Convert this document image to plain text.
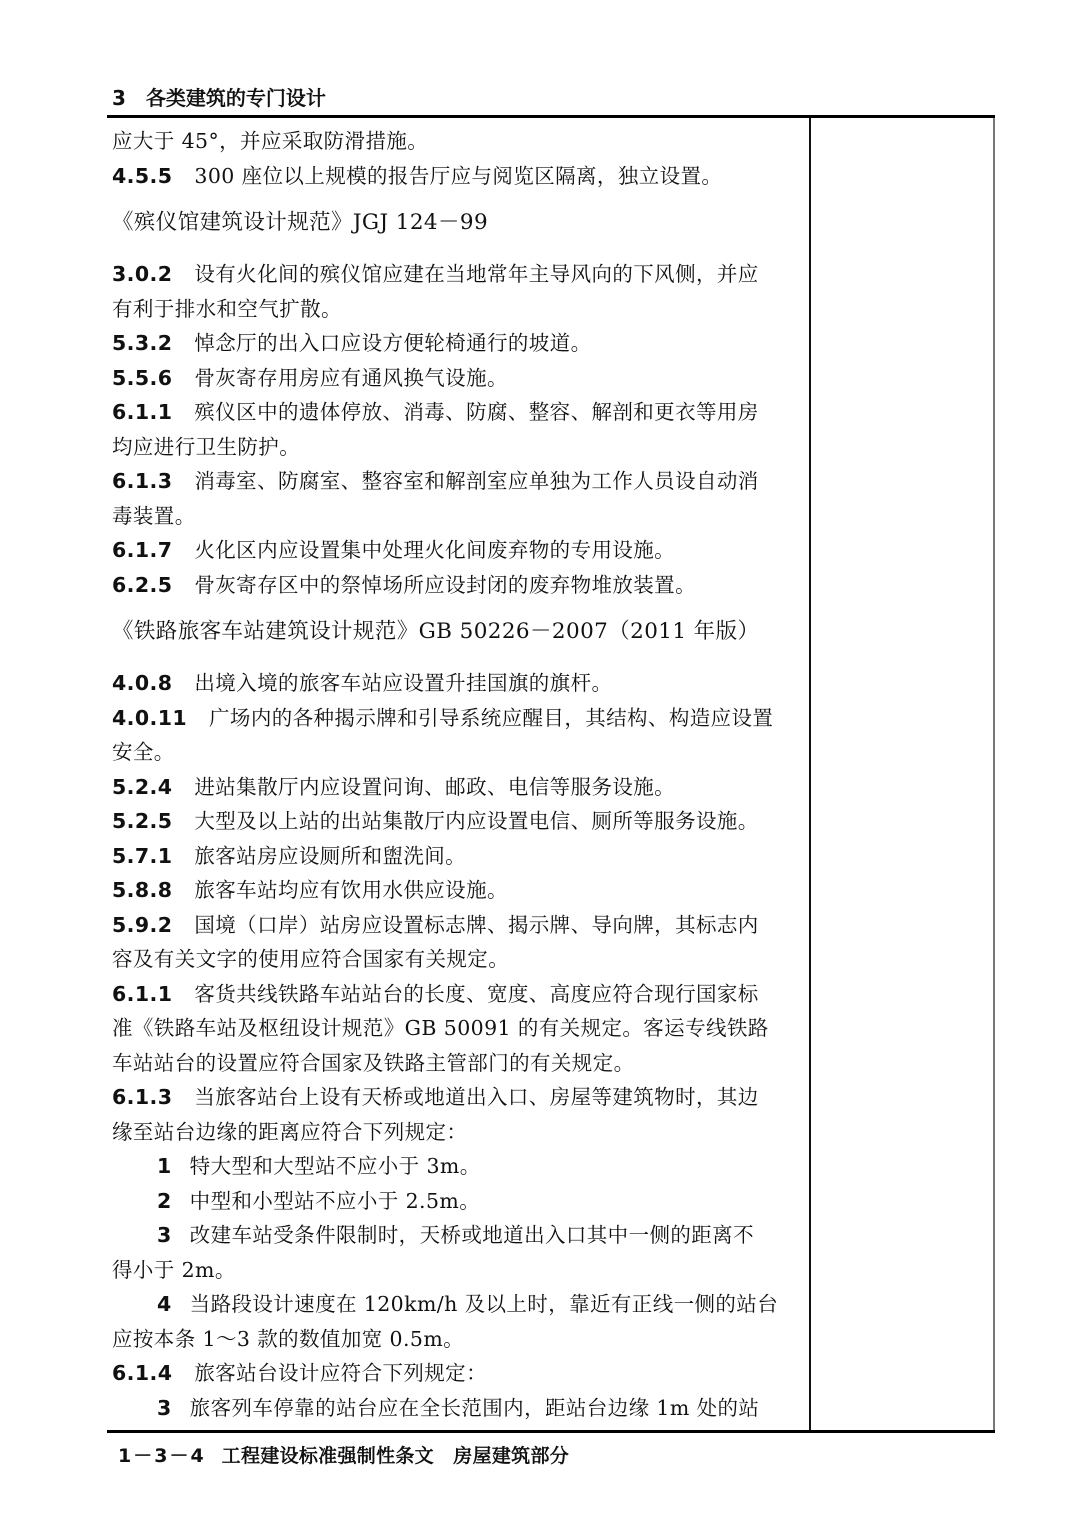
3 各类建筑的专门设计
应大于 45°，并应采取防滑措施。
4.5.5 300 座位以上规模的报告厅应与阅览区隔离，独立设置。
《殡仪馆建筑设计规范》JGJ 124－99
3.0.2 设有火化间的殡仪馆应建在当地常年主导风向的下风侧，并应
有利于排水和空气扩散。
5.3.2 悼念厅的出入口应设方便轮椅通行的坡道。
5.5.6 骨灰寄存用房应有通风换气设施。
6.1.1 殡仪区中的遗体停放、消毒、防腐、整容、解剖和更衣等用房
均应进行卫生防护。
6.1.3 消毒室、防腐室、整容室和解剖室应单独为工作人员设自动消
毒装置。
6.1.7 火化区内应设置集中处理火化间废弃物的专用设施。
6.2.5 骨灰寄存区中的祭悼场所应设封闭的废弃物堆放装置。
《铁路旅客车站建筑设计规范》GB 50226－2007（2011 年版）
4.0.8 出境入境的旅客车站应设置升挂国旗的旗杆。
4.0.11 广场内的各种揭示牌和引导系统应醒目，其结构、构造应设置
安全。
5.2.4 进站集散厅内应设置问询、邮政、电信等服务设施。
5.2.5 大型及以上站的出站集散厅内应设置电信、厕所等服务设施。
5.7.1 旅客站房应设厕所和盥洗间。
5.8.8 旅客车站均应有饮用水供应设施。
5.9.2 国境（口岸）站房应设置标志牌、揭示牌、导向牌，其标志内
容及有关文字的使用应符合国家有关规定。
6.1.1 客货共线铁路车站站台的长度、宽度、高度应符合现行国家标
准《铁路车站及枢纽设计规范》GB 50091 的有关规定。客运专线铁路
车站站台的设置应符合国家及铁路主管部门的有关规定。
6.1.3 当旅客站台上设有天桥或地道出入口、房屋等建筑物时，其边
缘至站台边缘的距离应符合下列规定：
1 特大型和大型站不应小于 3m。
2 中型和小型站不应小于 2.5m。
3 改建车站受条件限制时，天桥或地道出入口其中一侧的距离不
得小于 2m。
4 当路段设计速度在 120km/h 及以上时，靠近有正线一侧的站台
应按本条 1～3 款的数值加宽 0.5m。
6.1.4 旅客站台设计应符合下列规定：
3 旅客列车停靠的站台应在全长范围内，距站台边缘 1m 处的站
1－3－4 工程建设标准强制性条文　房屋建筑部分
